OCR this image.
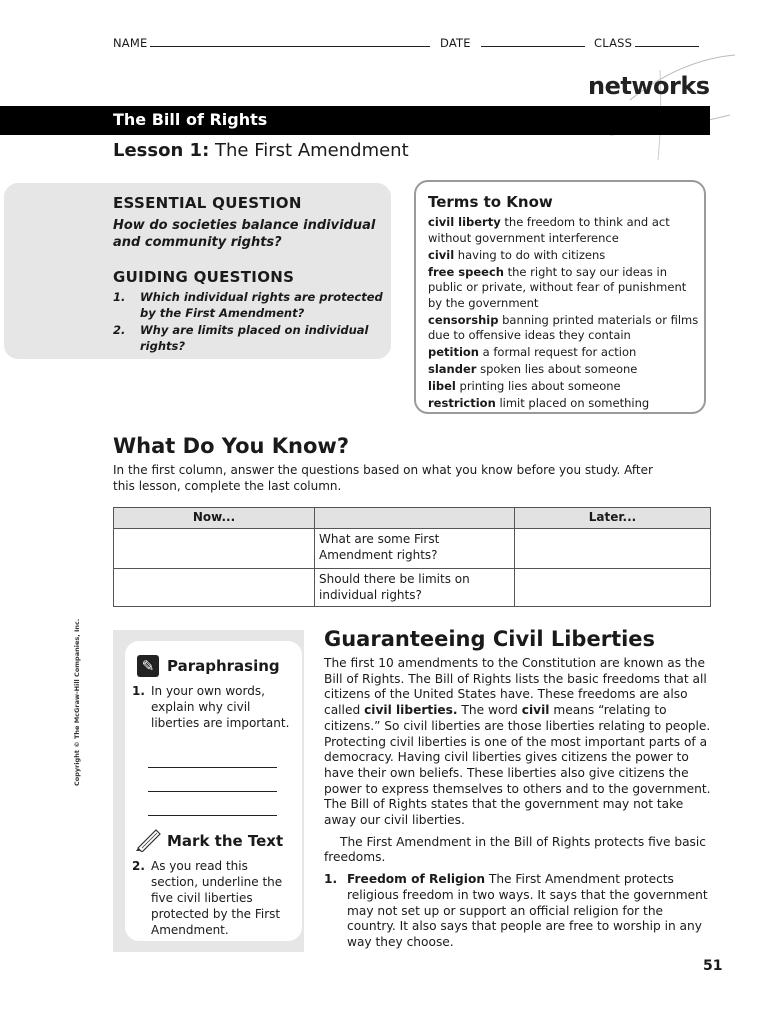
NAME	DATE	CLASS
networks
The Bill of Rights
Lesson 1: The First Amendment
ESSENTIAL QUESTION
How do societies balance individual and community rights?
GUIDING QUESTIONS
1. Which individual rights are protected by the First Amendment?
2. Why are limits placed on individual rights?
Terms to Know
civil liberty the freedom to think and act without government interference
civil having to do with citizens
free speech the right to say our ideas in public or private, without fear of punishment by the government
censorship banning printed materials or films due to offensive ideas they contain
petition a formal request for action
slander spoken lies about someone
libel printing lies about someone
restriction limit placed on something
What Do You Know?
In the first column, answer the questions based on what you know before you study. After this lesson, complete the last column.
Now...		Later...
	What are some First Amendment rights?	
	Should there be limits on individual rights?	
Copyright © The McGraw-Hill Companies, Inc.	✎ Paraphrasing
1. In your own words, explain why civil liberties are important.
Mark the Text
2. As you read this section, underline the five civil liberties protected by the First Amendment.
Guaranteeing Civil Liberties

The first 10 amendments to the Constitution are known as the Bill of Rights. The Bill of Rights lists the basic freedoms that all citizens of the United States have. These freedoms are also called civil liberties. The word civil means “relating to citizens.” So civil liberties are those liberties relating to people. Protecting civil liberties is one of the most important parts of a democracy. Having civil liberties gives citizens the power to have their own beliefs. These liberties also give citizens the power to express themselves to others and to the government. The Bill of Rights states that the government may not take away our civil liberties.

The First Amendment in the Bill of Rights protects five basic freedoms.

1. Freedom of Religion The First Amendment protects religious freedom in two ways. It says that the government may not set up or support an official religion for the country. It also says that people are free to worship in any way they choose.

51
